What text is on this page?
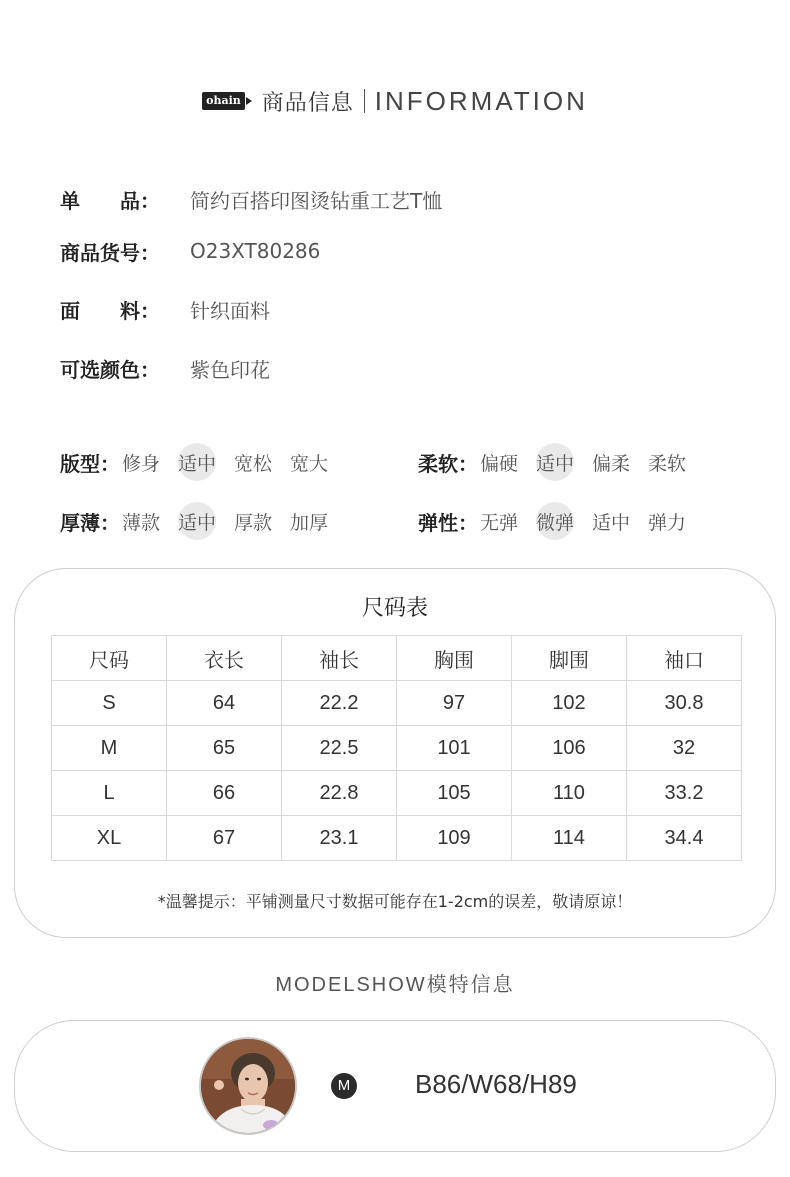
ohain 商品信息 INFORMATION
单　　品：	简约百搭印图烫钻重工艺T恤
商品货号：	O23XT80286
面　　料：	针织面料
可选颜色：	紫色印花
版型： 修身 适中 宽松 宽大	柔软： 偏硬 适中 偏柔 柔软
厚薄： 薄款 适中 厚款 加厚	弹性： 无弹 微弹 适中 弹力
尺码表
尺码	衣长	袖长	胸围	脚围	袖口
S	64	22.2	97	102	30.8
M	65	22.5	101	106	32
L	66	22.8	105	110	33.2
XL	67	23.1	109	114	34.4
*温馨提示：平铺测量尺寸数据可能存在1-2cm的误差，敬请原谅！
MODELSHOW模特信息
M B86/W68/H89
